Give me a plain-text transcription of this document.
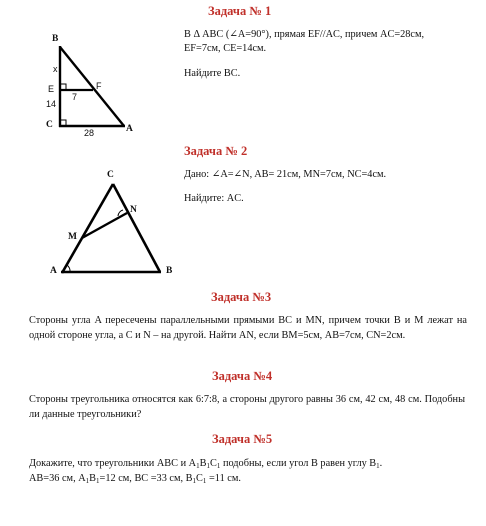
Задача № 1
B
x
E	F
7
14
C
28	A
В Δ ABC (∠A=90°), прямая EF//AC, причем AC=28см,
EF=7см, CE=14см.
Найдите BC.
Задача № 2
C
N
M
A	B
Дано: ∠A=∠N, AB= 21см, MN=7см, NC=4см.
Найдите: AC.
Задача №3
Стороны угла A пересечены параллельными прямыми BC и MN, причем точки B и M лежат на одной стороне угла, а C и N – на другой. Найти AN, если BM=5см, AB=7см, CN=2см.
Задача №4
Стороны треугольника относятся как 6:7:8, а стороны другого равны 36 см, 42 см, 48 см. Подобны ли данные треугольники?
Задача №5
Докажите, что треугольники ABC и $A_1B_1C_1$ подобны, если угол B равен углу $B_1$.
AB=36 см, $A_1B_1=12$ см, BC =33 см, $B_1C_1 =11$ см.
